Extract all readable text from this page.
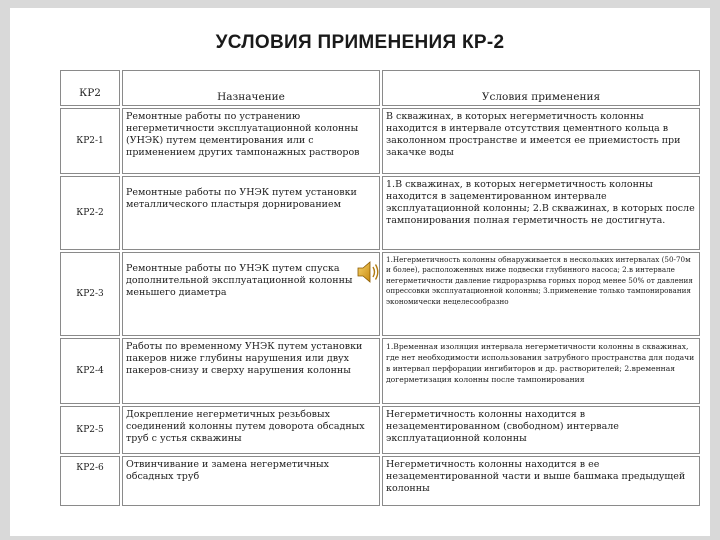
УСЛОВИЯ ПРИМЕНЕНИЯ КР-2
КР2	Назначение	Условия применения
КР2-1	Ремонтные работы по устранению негерметичности эксплуатационной колонны (УНЭК) путем цементирования или с применением других тампонажных растворов	В скважинах, в которых негерметичность колонны находится в интервале отсутствия цементного кольца в заколонном пространстве и имеется ее приемистость при закачке воды
КР2-2	Ремонтные работы по УНЭК путем установки металлического пластыря дорнированием	1.В скважинах, в которых негерметичность колонны находится в зацементированном интервале эксплуатационной колонны; 2.В скважинах, в которых после тампонирования полная герметичность не достигнута.
КР2-3	Ремонтные работы по УНЭК путем спуска дополнительной эксплуатационной колонны меньшего диаметра	1.Негерметичность колонны обнаруживается в нескольких интервалах (50-70м и более), расположенных ниже подвески глубинного насоса; 2.в интервале негерметичности давление гидроразрыва горных пород менее 50% от давления опрессовки эксплуатационной колонны; 3.применение только тампонирования экономически нецелесообразно
КР2-4	Работы по временному УНЭК путем установки пакеров ниже глубины нарушения или двух пакеров-снизу и сверху нарушения колонны	1.Временная изоляция интервала негерметичности колонны в скважинах, где нет необходимости использования затрубного пространства для подачи в интервал перфорации ингибиторов и др. растворителей; 2.временная догерметизация колонны после тампонирования
КР2-5	Докрепление негерметичных резьбовых соединений колонны путем доворота обсадных труб с устья скважины	Негерметичность колонны находится в незацементированном (свободном) интервале эксплуатационной колонны
КР2-6	Отвинчивание и замена негерметичных обсадных труб	Негерметичность колонны находится в ее незацементированной части и выше башмака предыдущей колонны
